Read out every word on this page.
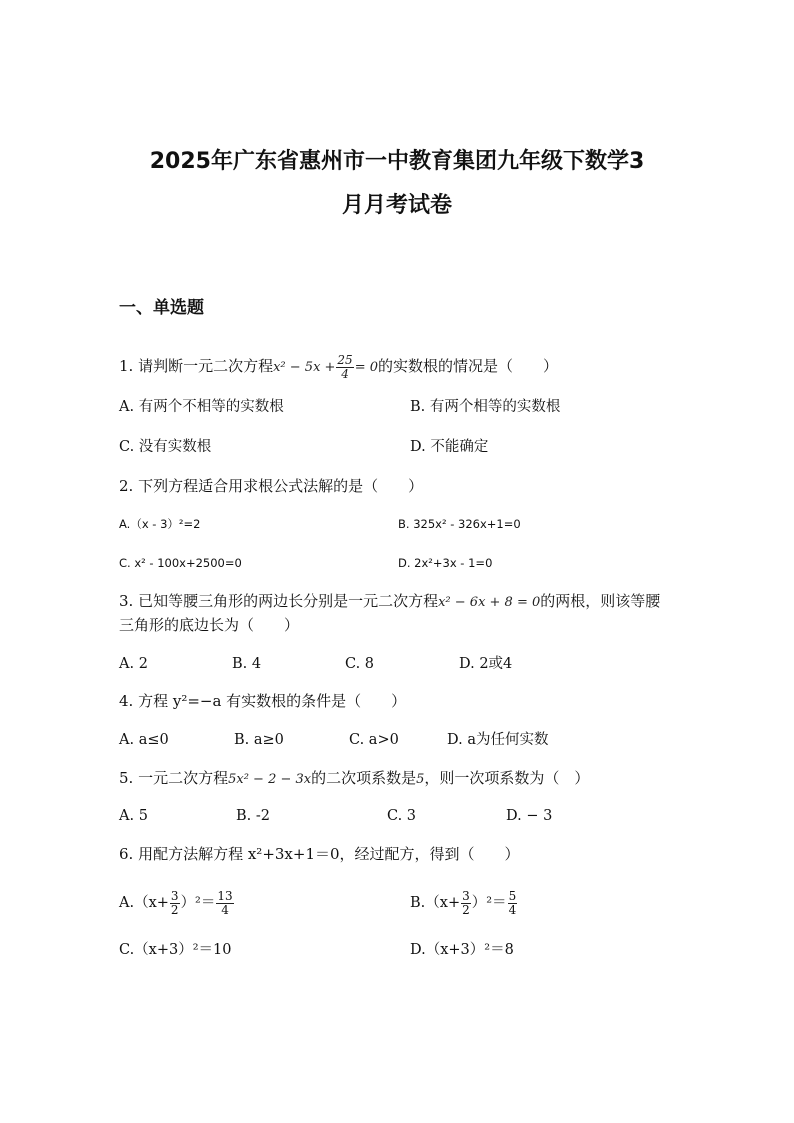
2025年广东省惠州市一中教育集团九年级下数学3
月月考试卷
一、单选题
1. 请判断一元二次方程$x^2 - 5x + \frac{25}{4} = 0$的实数根的情况是（　　）
A. 有两个不相等的实数根	B. 有两个相等的实数根
C. 没有实数根	D. 不能确定
2. 下列方程适合用求根公式法解的是（　　）
A.（x - 3）²=2	B. 325x² - 326x+1=0
C. x² - 100x+2500=0	D. 2x²+3x - 1=0
3. 已知等腰三角形的两边长分别是一元二次方程x² − 6x + 8 = 0的两根，则该等腰
三角形的底边长为（　　）
A. 2	B. 4	C. 8	D. 2或4
4. 方程 y²=−a 有实数根的条件是（　　）
A. a≤0	B. a≥0	C. a>0	D. a为任何实数
5. 一元二次方程5x² − 2 − 3x的二次项系数是5，则一次项系数为（　）
A. 5	B. -2	C. 3	D. − 3
6. 用配方法解方程 x²+3x+1＝0，经过配方，得到（　　）
$A.(x+ \frac{3}{2} )^2= \frac{13}{4}$	$B.(x+ \frac{3}{2} )^2= \frac{5}{4}$
C.（x+3）²＝10	D.（x+3）²＝8
